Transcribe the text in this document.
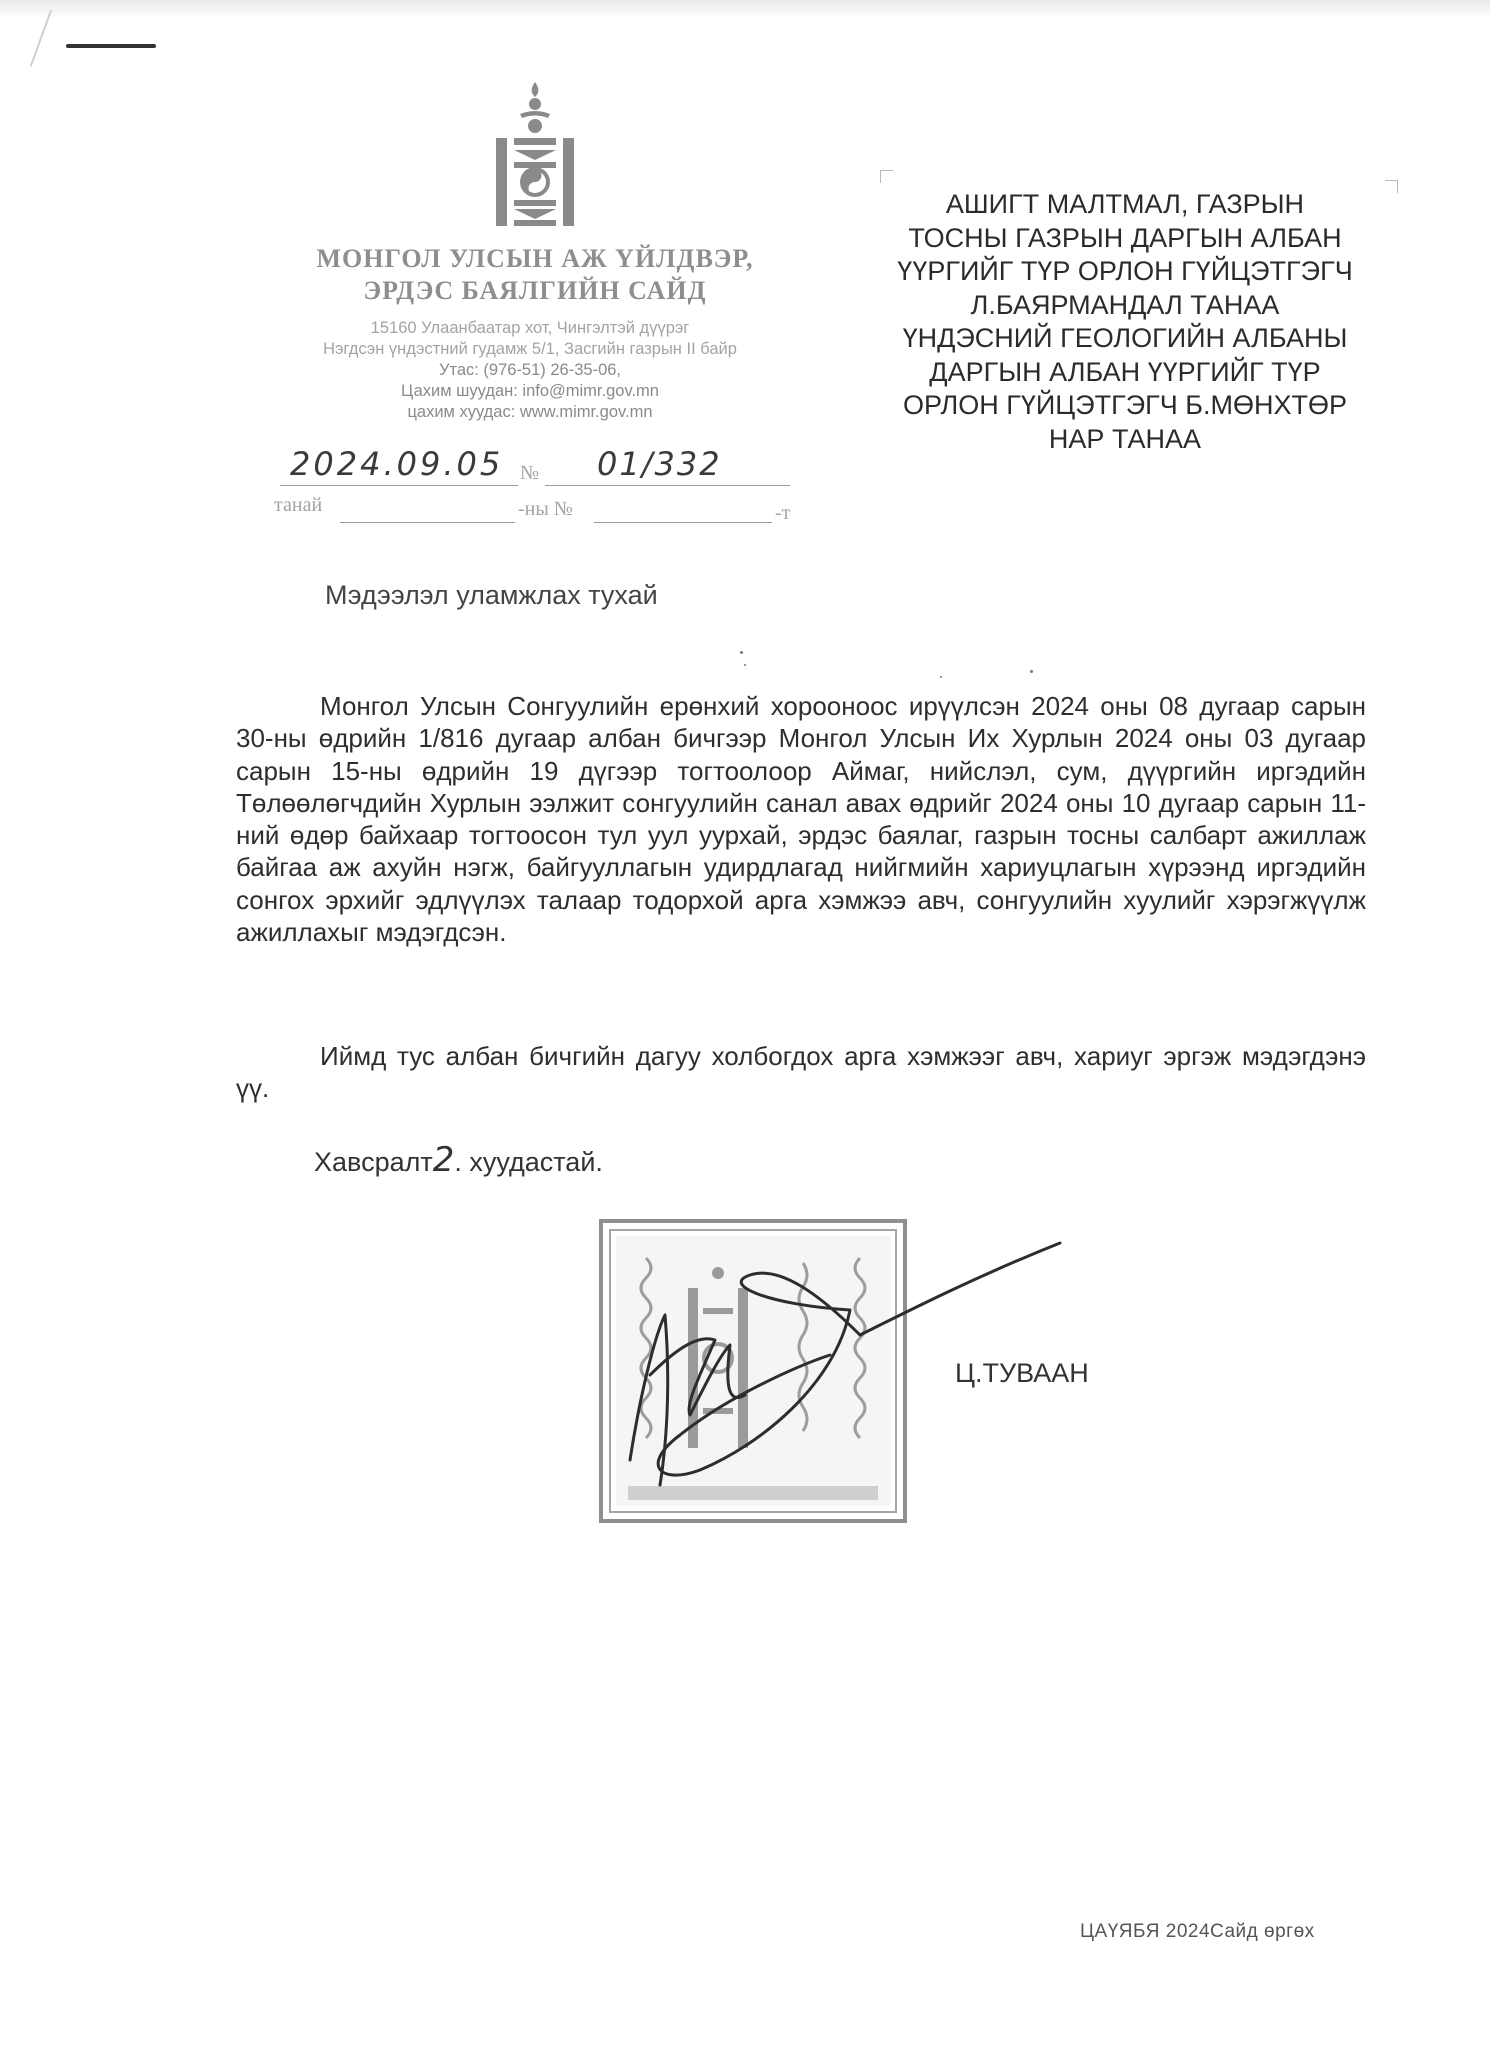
МОНГОЛ УЛСЫН АЖ ҮЙЛДВЭР,
ЭРДЭС БАЯЛГИЙН САЙД
15160 Улаанбаатар хот, Чингэлтэй дүүрэг
Нэгдсэн үндэстний гудамж 5/1, Засгийн газрын II байр
Утас: (976-51) 26-35-06,
Цахим шуудан: info@mimr.gov.mn
цахим хуудас: www.mimr.gov.mn
2024.09.05 № 01/332
танай	-ны №	-т
АШИГТ МАЛТМАЛ, ГАЗРЫН
ТОСНЫ ГАЗРЫН ДАРГЫН АЛБАН
ҮҮРГИЙГ ТҮР ОРЛОН ГҮЙЦЭТГЭГЧ
Л.БАЯРМАНДАЛ ТАНАА
ҮНДЭСНИЙ ГЕОЛОГИЙН АЛБАНЫ
ДАРГЫН АЛБАН ҮҮРГИЙГ ТҮР
ОРЛОН ГҮЙЦЭТГЭГЧ Б.МӨНХТӨР
НАР ТАНАА
Мэдээлэл уламжлах тухай
Монгол Улсын Сонгуулийн ерөнхий хорооноос ирүүлсэн 2024 оны 08 дугаар сарын 30-ны өдрийн 1/816 дугаар албан бичгээр Монгол Улсын Их Хурлын 2024 оны 03 дугаар сарын 15-ны өдрийн 19 дүгээр тогтоолоор Аймаг, нийслэл, сум, дүүргийн иргэдийн Төлөөлөгчдийн Хурлын ээлжит сонгуулийн санал авах өдрийг 2024 оны 10 дугаар сарын 11-ний өдөр байхаар тогтоосон тул уул уурхай, эрдэс баялаг, газрын тосны салбарт ажиллаж байгаа аж ахуйн нэгж, байгууллагын удирдлагад нийгмийн хариуцлагын хүрээнд иргэдийн сонгох эрхийг эдлүүлэх талаар тодорхой арга хэмжээ авч, сонгуулийн хуулийг хэрэгжүүлж ажиллахыг мэдэгдсэн.
Иймд тус албан бичгийн дагуу холбогдох арга хэмжээг авч, хариуг эргэж мэдэгдэнэ үү.
Хавсралт2. хуудастай.
Ц.ТУВААН
ЦАҮЯБЯ 2024Сайд өргөх
